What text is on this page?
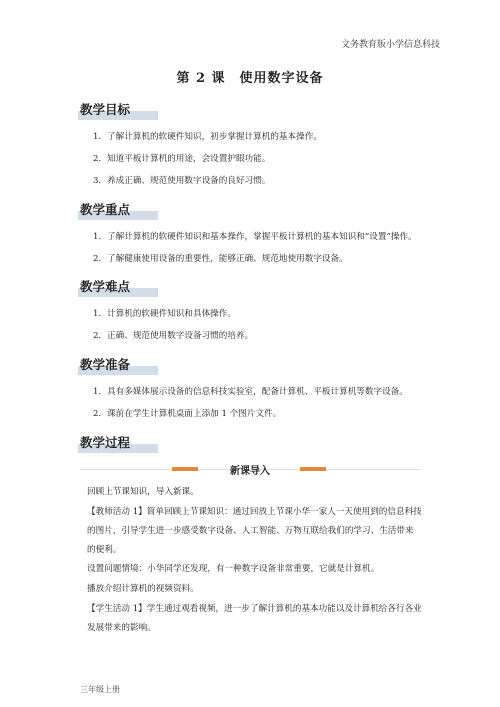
文务教育版小学信息科技
第 2 课　使用数字设备
教学目标
1．了解计算机的软硬件知识，初步掌握计算机的基本操作。
2．知道平板计算机的用途，会设置护眼功能。
3．养成正确、规范使用数字设备的良好习惯。
教学重点
1．了解计算机的软硬件知识和基本操作，掌握平板计算机的基本知识和“设置”操作。
2．了解健康使用设备的重要性，能够正确、规范地使用数字设备。
教学难点
1．计算机的软硬件知识和具体操作。
2．正确、规范使用数字设备习惯的培养。
教学准备
1．具有多媒体展示设备的信息科技实验室，配备计算机、平板计算机等数字设备。
2．课前在学生计算机桌面上添加 1 个图片文件。
教学过程
新课导入
回顾上节课知识，导入新课。
【教师活动 1】简单回顾上节课知识：通过回放上节课小华一家人一天使用到的信息科技的图片，引导学生进一步感受数字设备、人工智能、万物互联给我们的学习、生活带来的便利。
设置问题情境：小华同学还发现，有一种数字设备非常重要，它就是计算机。
播放介绍计算机的视频资料。
【学生活动 1】学生通过观看视频，进一步了解计算机的基本功能以及计算机给各行各业发展带来的影响。
三年级上册
